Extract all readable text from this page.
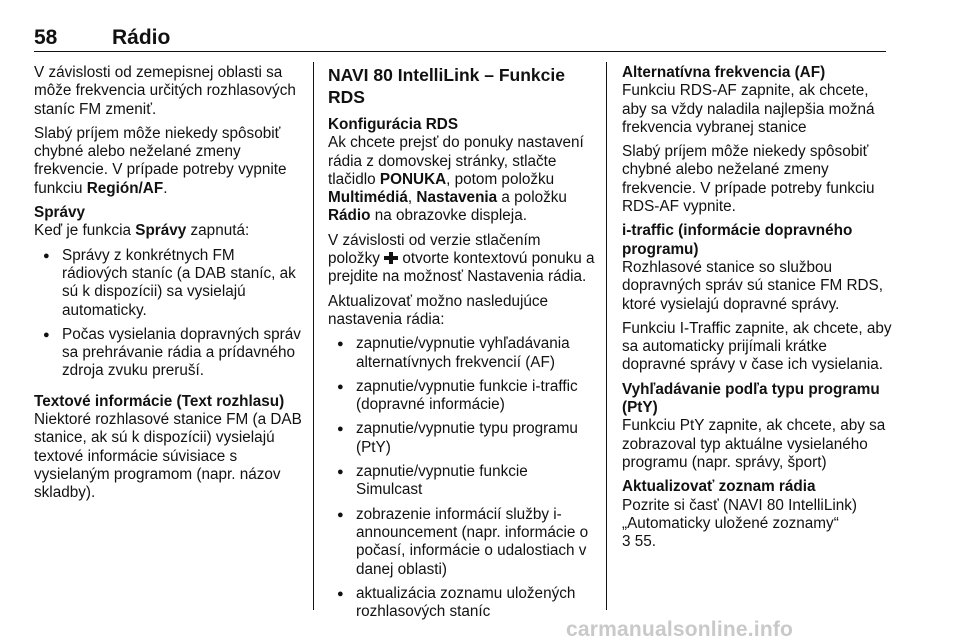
58	Rádio

V závislosti od zemepisnej oblasti sa môže frekvencia určitých rozhlasových staníc FM zmeniť.

Slabý príjem môže niekedy spôsobiť chybné alebo neželané zmeny frekvencie. V prípade potreby vypnite funkciu Región/AF.

Správy

Keď je funkcia Správy zapnutá:

● Správy z konkrétnych FM rádiových staníc (a DAB staníc, ak sú k dispozícii) sa vysielajú automaticky.
● Počas vysielania dopravných správ sa prehrávanie rádia a prídavného zdroja zvuku preruší.

Textové informácie (Text rozhlasu)

Niektoré rozhlasové stanice FM (a DAB stanice, ak sú k dispozícii) vysielajú textové informácie súvisiace s vysielaným programom (napr. názov skladby).

NAVI 80 IntelliLink – Funkcie RDS

Konfigurácia RDS

Ak chcete prejsť do ponuky nastavení rádia z domovskej stránky, stlačte tlačidlo PONUKA, potom položku Multimédiá, Nastavenia a položku Rádio na obrazovke displeja.

V závislosti od verzie stlačením položky  otvorte kontextovú ponuku a prejdite na možnosť Nastavenia rádia.

Aktualizovať možno nasledujúce nastavenia rádia:

● zapnutie/vypnutie vyhľadávania alternatívnych frekvencií (AF)
● zapnutie/vypnutie funkcie i-traffic (dopravné informácie)
● zapnutie/vypnutie typu programu (PtY)
● zapnutie/vypnutie funkcie Simulcast
● zobrazenie informácií služby i-announcement (napr. informácie o počasí, informácie o udalostiach v danej oblasti)
● aktualizácia zoznamu uložených rozhlasových staníc

Alternatívna frekvencia (AF)

Funkciu RDS-AF zapnite, ak chcete, aby sa vždy naladila najlepšia možná frekvencia vybranej stanice

Slabý príjem môže niekedy spôsobiť chybné alebo neželané zmeny frekvencie. V prípade potreby funkciu RDS-AF vypnite.

i-traffic (informácie dopravného programu)

Rozhlasové stanice so službou dopravných správ sú stanice FM RDS, ktoré vysielajú dopravné správy.

Funkciu I-Traffic zapnite, ak chcete, aby sa automaticky prijímali krátke dopravné správy v čase ich vysielania.

Vyhľadávanie podľa typu programu (PtY)

Funkciu PtY zapnite, ak chcete, aby sa zobrazoval typ aktuálne vysielaného programu (napr. správy, šport)

Aktualizovať zoznam rádia

Pozrite si časť (NAVI 80 IntelliLink) „Automaticky uložené zoznamy“

3 55.

carmanualsonline.info
